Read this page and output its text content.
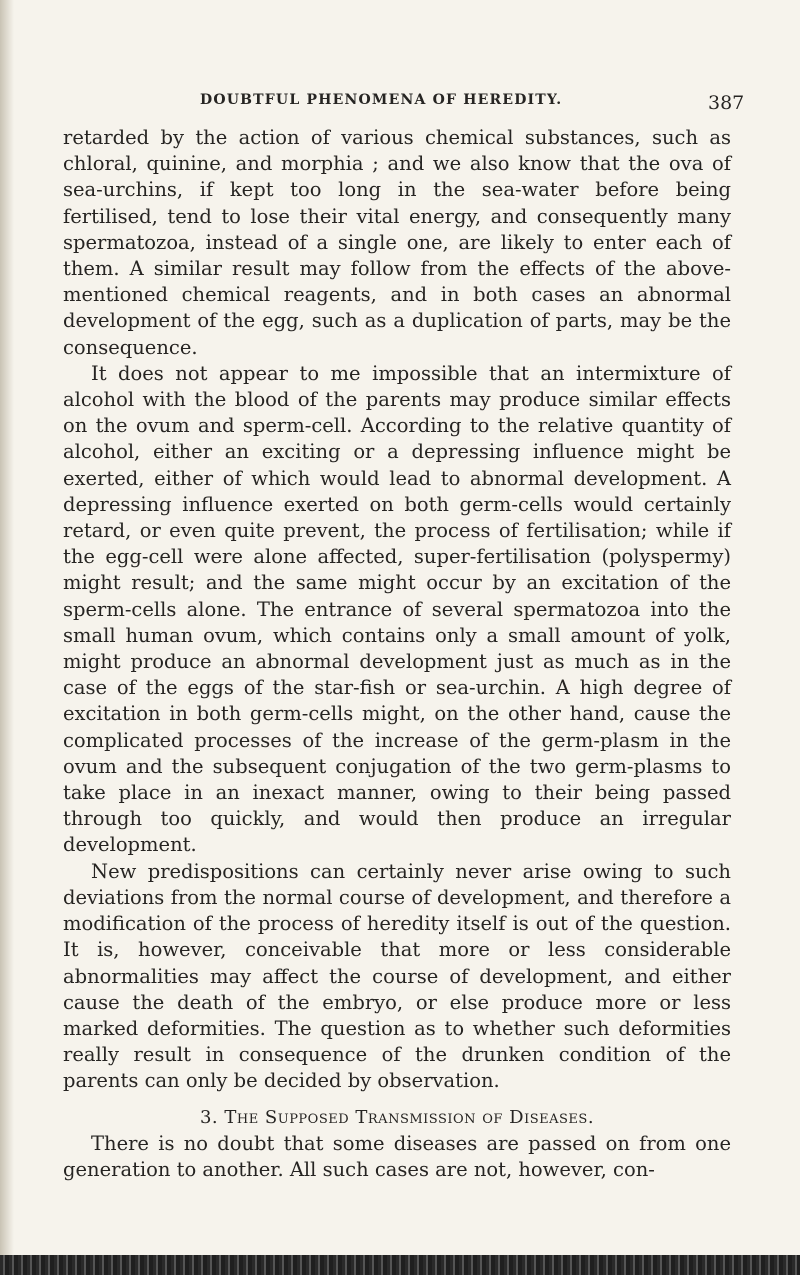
DOUBTFUL PHENOMENA OF HEREDITY.	387

retarded by the action of various chemical substances, such as chloral, quinine, and morphia ; and we also know that the ova of sea-urchins, if kept too long in the sea-water before being fertilised, tend to lose their vital energy, and consequently many spermatozoa, instead of a single one, are likely to enter each of them. A similar result may follow from the effects of the above-mentioned chemical reagents, and in both cases an abnormal development of the egg, such as a duplication of parts, may be the consequence.

It does not appear to me impossible that an intermixture of alcohol with the blood of the parents may produce similar effects on the ovum and sperm-cell. According to the relative quantity of alcohol, either an exciting or a depressing influence might be exerted, either of which would lead to abnormal development. A depressing influence exerted on both germ-cells would certainly retard, or even quite prevent, the process of fertilisation; while if the egg-cell were alone affected, super-fertilisation (polyspermy) might result; and the same might occur by an excitation of the sperm-cells alone. The entrance of several spermatozoa into the small human ovum, which contains only a small amount of yolk, might produce an abnormal development just as much as in the case of the eggs of the star-fish or sea-urchin. A high degree of excitation in both germ-cells might, on the other hand, cause the complicated processes of the increase of the germ-plasm in the ovum and the subsequent conjugation of the two germ-plasms to take place in an inexact manner, owing to their being passed through too quickly, and would then produce an irregular development.

New predispositions can certainly never arise owing to such deviations from the normal course of development, and therefore a modification of the process of heredity itself is out of the question. It is, however, conceivable that more or less considerable abnormalities may affect the course of development, and either cause the death of the embryo, or else produce more or less marked deformities. The question as to whether such deformities really result in consequence of the drunken condition of the parents can only be decided by observation.

3. The Supposed Transmission of Diseases.

There is no doubt that some diseases are passed on from one generation to another. All such cases are not, however, con-
